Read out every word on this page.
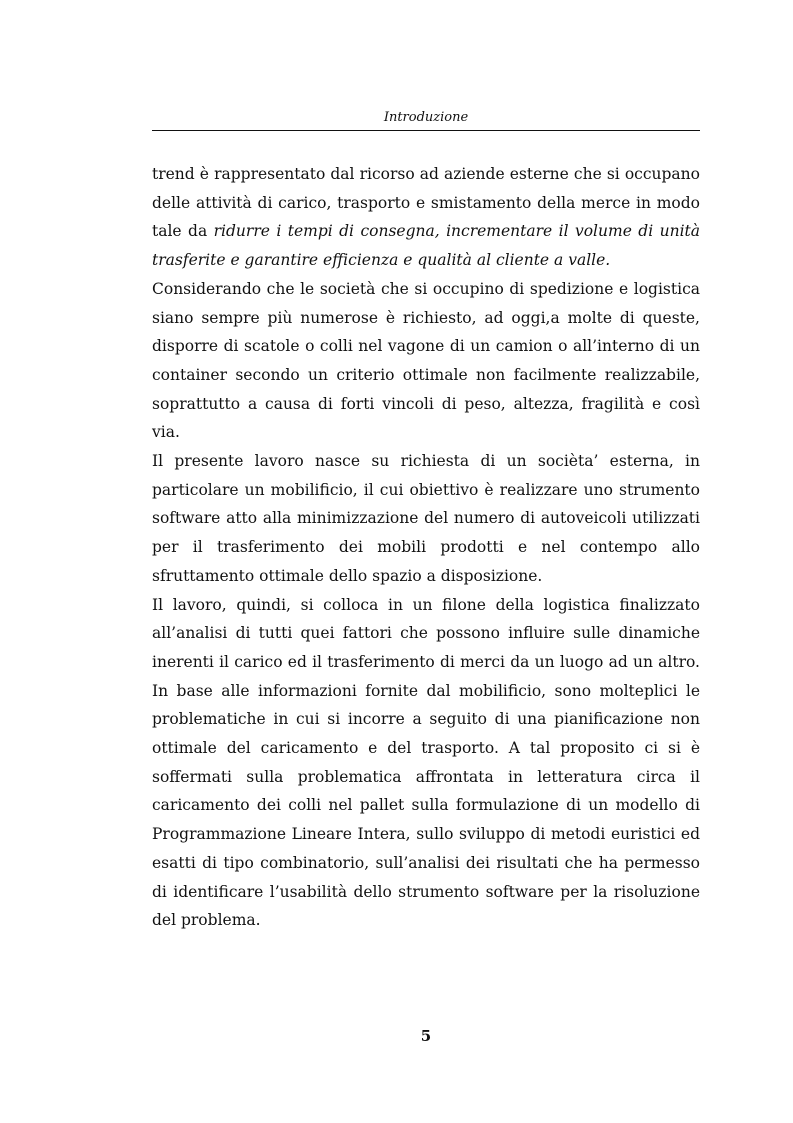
Introduzione

trend è rappresentato dal ricorso ad aziende esterne che si occupano delle attività di carico, trasporto e smistamento della merce in modo tale da ridurre i tempi di consegna, incrementare il volume di unità trasferite e garantire efficienza e qualità al cliente a valle.

Considerando che le società che si occupino di spedizione e logistica siano sempre più numerose è richiesto, ad oggi,a molte di queste, disporre di scatole o colli nel vagone di un camion o all’interno di un container secondo un criterio ottimale non facilmente realizzabile, soprattutto a causa di forti vincoli di peso, altezza, fragilità e così via.

Il presente lavoro nasce su richiesta di un socièta’ esterna, in particolare un mobilificio, il cui obiettivo è realizzare uno strumento software atto alla minimizzazione del numero di autoveicoli utilizzati per il trasferimento dei mobili prodotti e nel contempo allo sfruttamento ottimale dello spazio a disposizione.

Il lavoro, quindi, si colloca in un filone della logistica finalizzato all’analisi di tutti quei fattori che possono influire sulle dinamiche inerenti il carico ed il trasferimento di merci da un luogo ad un altro. In base alle informazioni fornite dal mobilificio, sono molteplici le problematiche in cui si incorre a seguito di una pianificazione non ottimale del caricamento e del trasporto. A tal proposito ci si è soffermati sulla problematica affrontata in letteratura circa il caricamento dei colli nel pallet sulla formulazione di un modello di Programmazione Lineare Intera, sullo sviluppo di metodi euristici ed esatti di tipo combinatorio, sull’analisi dei risultati che ha permesso di identificare l’usabilità dello strumento software per la risoluzione del problema.

5
